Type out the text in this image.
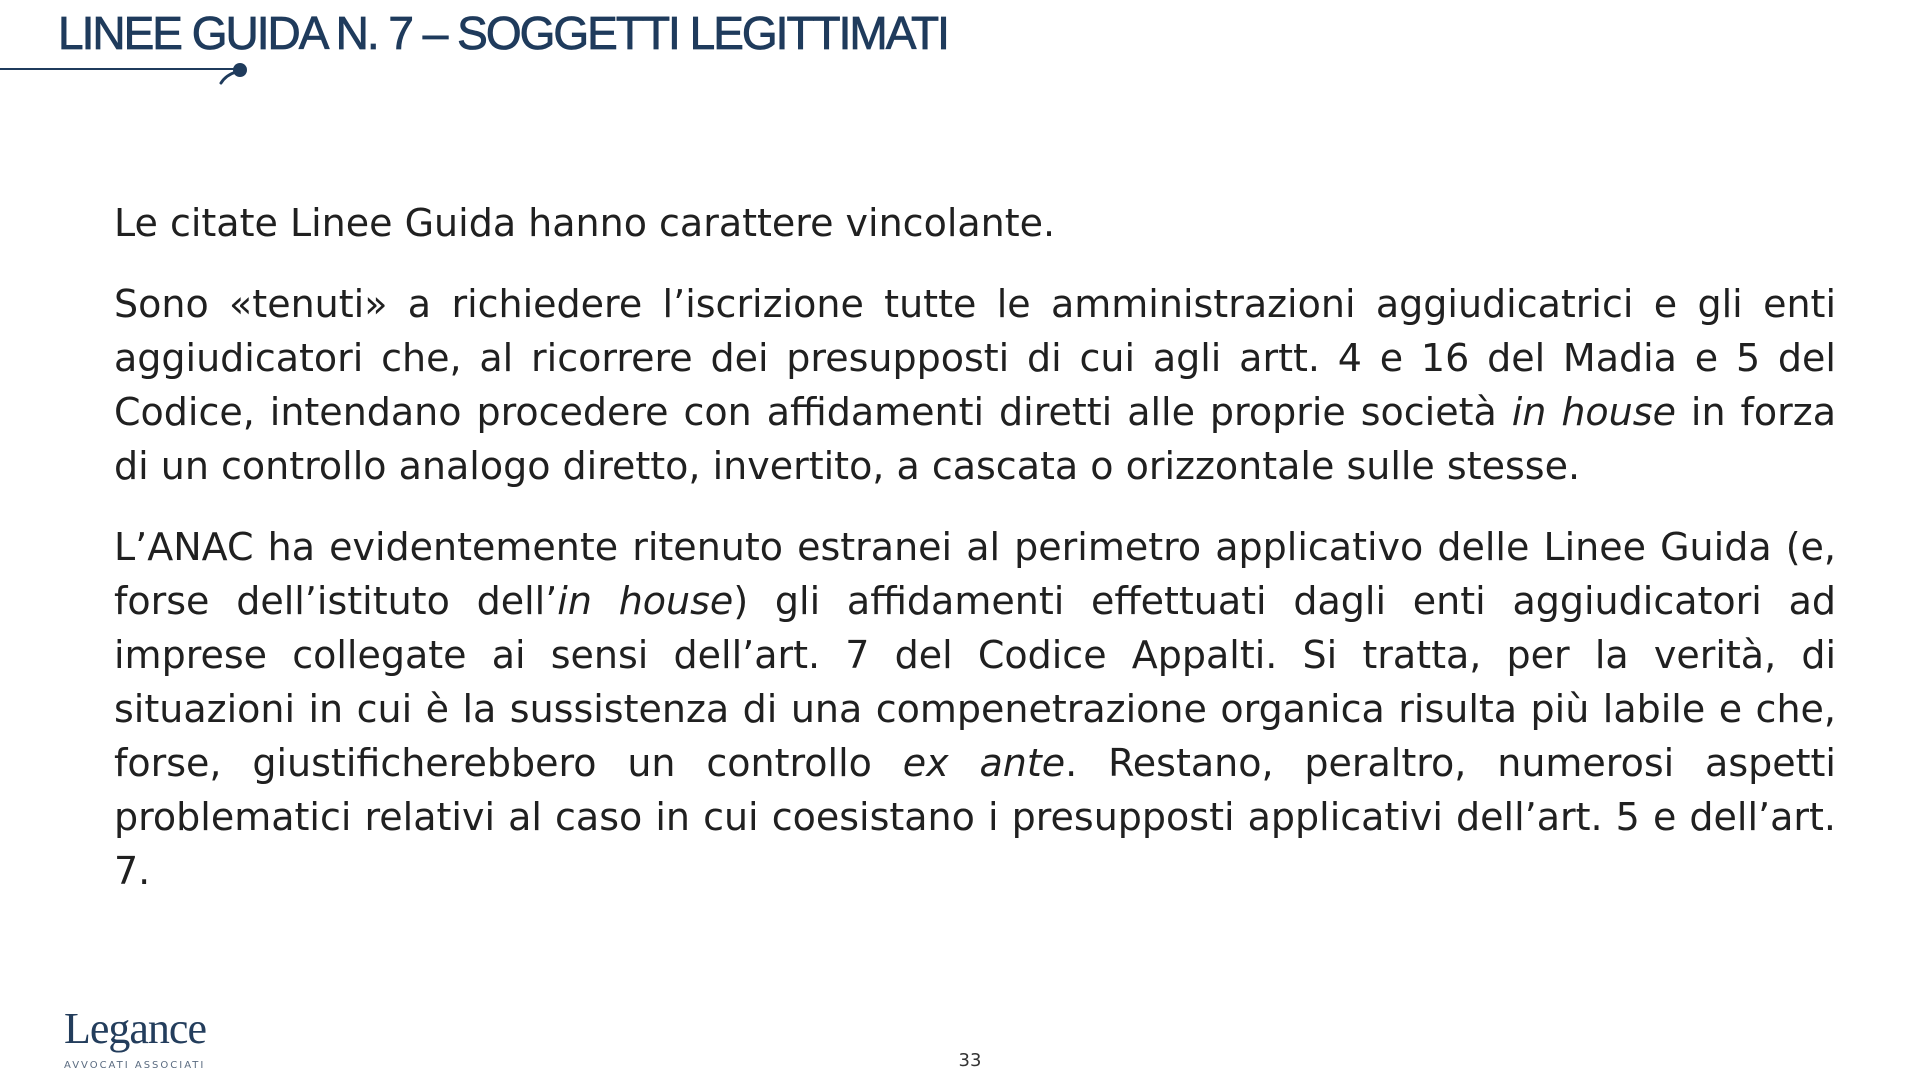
LINEE GUIDA N. 7 – SOGGETTI LEGITTIMATI

Le citate Linee Guida hanno carattere vincolante.

Sono «tenuti» a richiedere l’iscrizione tutte le amministrazioni aggiudicatrici e gli enti aggiudicatori che, al ricorrere dei presupposti di cui agli artt. 4 e 16 del Madia e 5 del Codice, intendano procedere con affidamenti diretti alle proprie società in house in forza di un controllo analogo diretto, invertito, a cascata o orizzontale sulle stesse.

L’ANAC ha evidentemente ritenuto estranei al perimetro applicativo delle Linee Guida (e, forse dell’istituto dell’in house) gli affidamenti effettuati dagli enti aggiudicatori ad imprese collegate ai sensi dell’art. 7 del Codice Appalti. Si tratta, per la verità, di situazioni in cui è la sussistenza di una compenetrazione organica risulta più labile e che, forse, giustificherebbero un controllo ex ante. Restano, peraltro, numerosi aspetti problematici relativi al caso in cui coesistano i presupposti applicativi dell’art. 5 e dell’art. 7.

Legance
AVVOCATI ASSOCIATI	33
